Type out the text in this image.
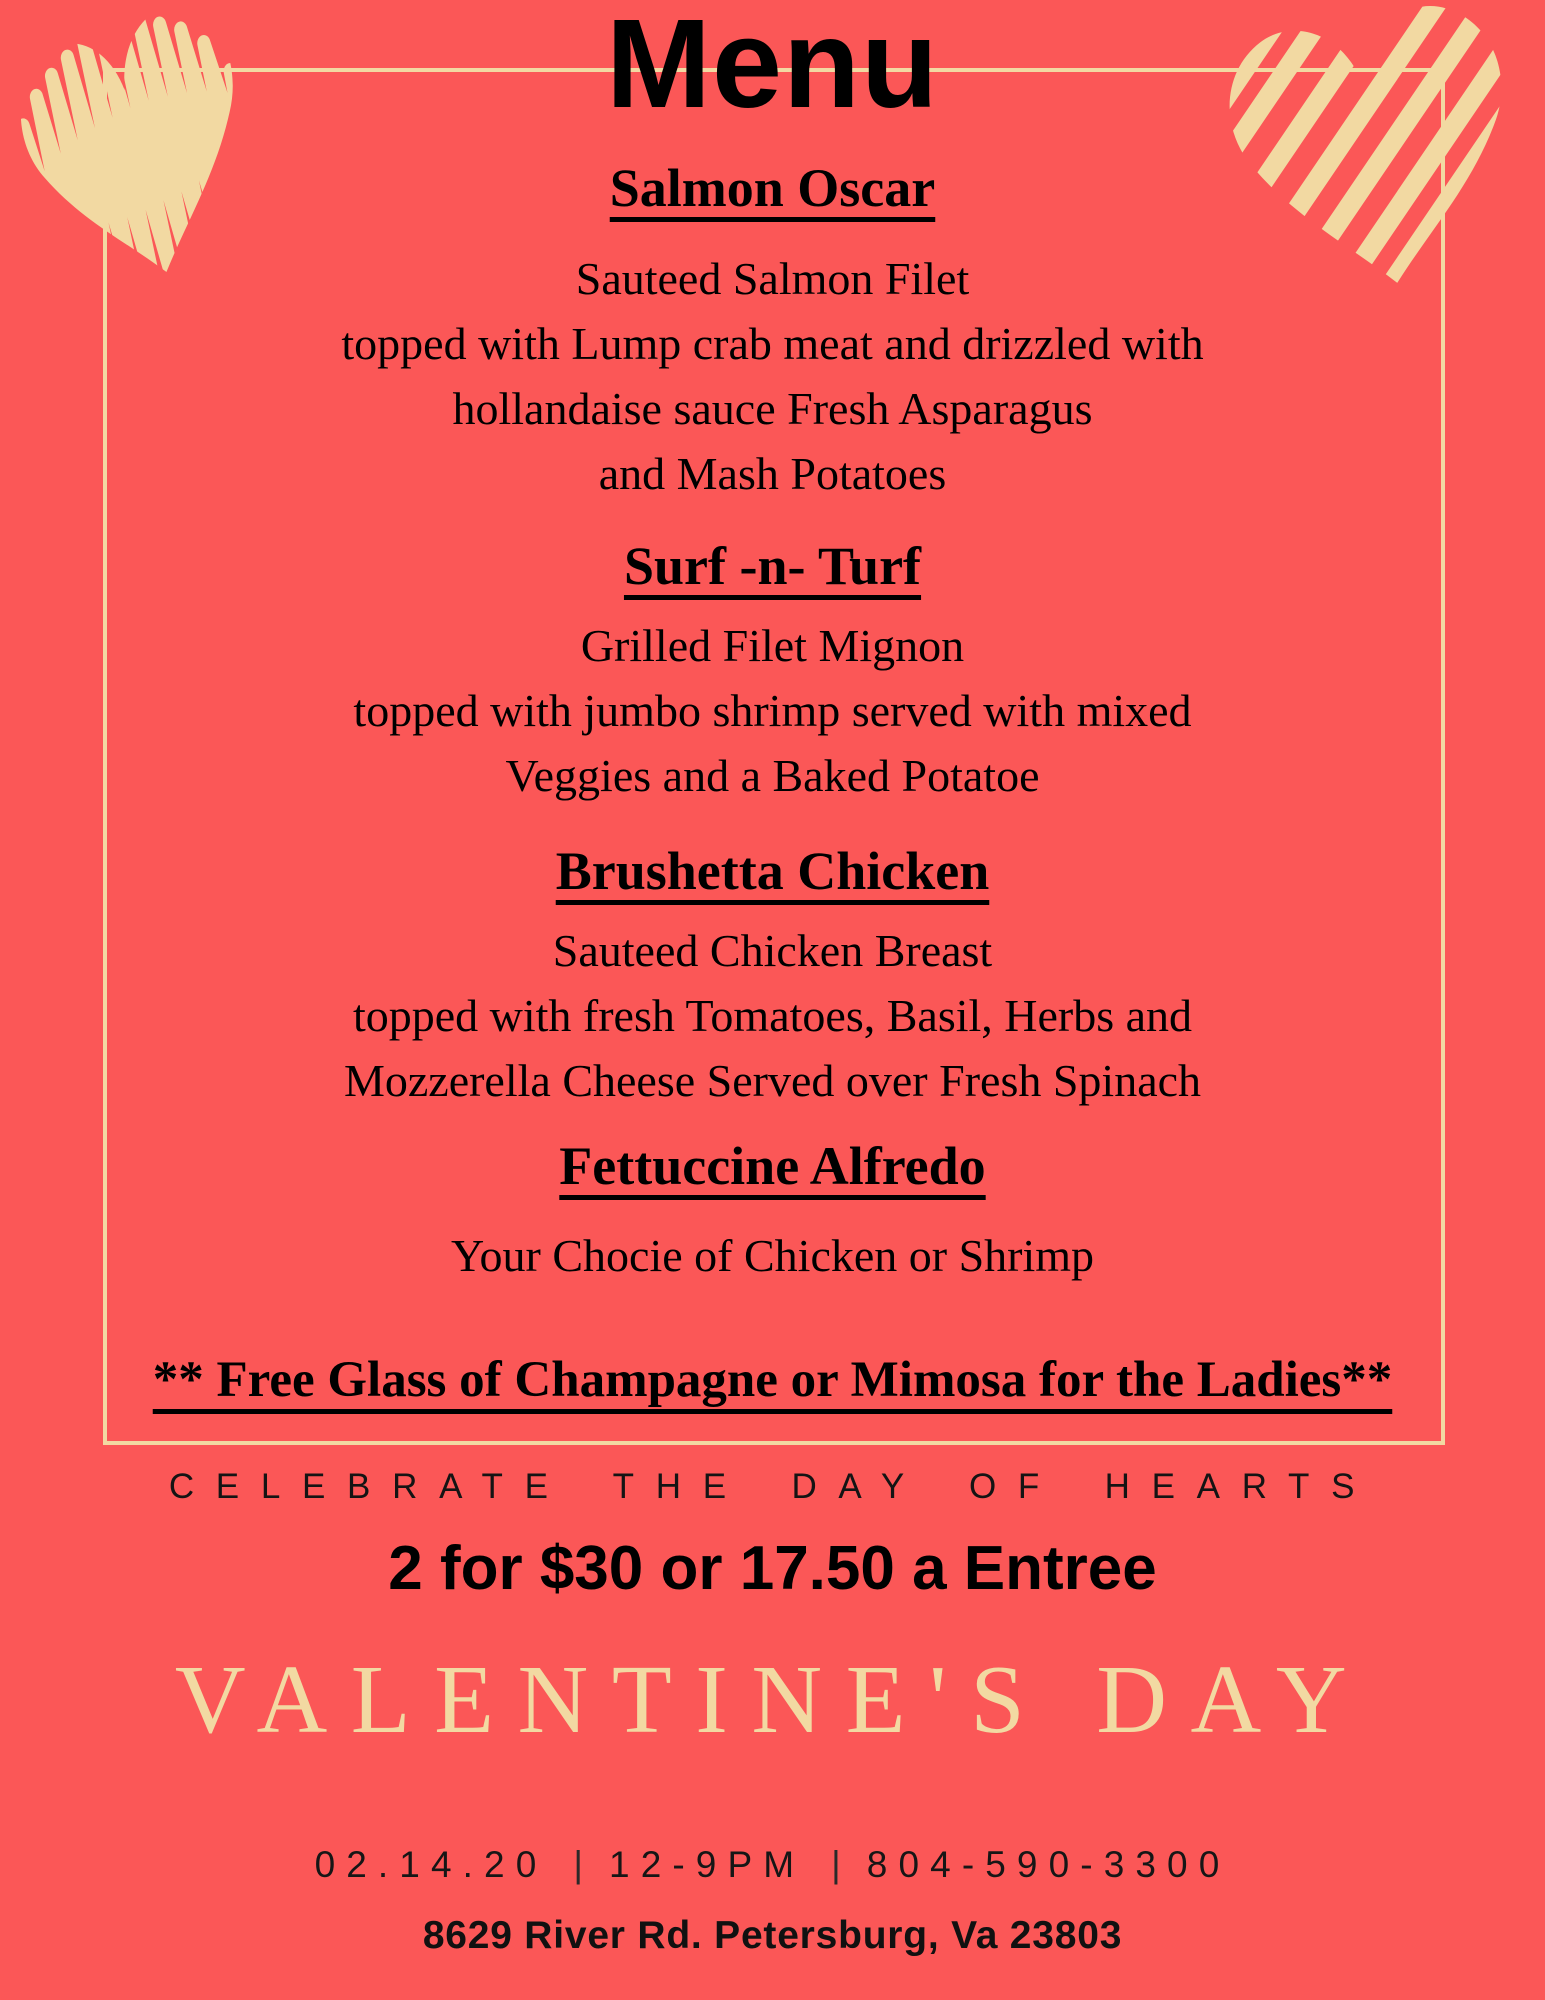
Menu
Salmon Oscar
Sauteed Salmon Filet
topped with Lump crab meat and drizzled with
hollandaise sauce Fresh Asparagus
and Mash Potatoes
Surf -n- Turf
Grilled Filet Mignon
topped with jumbo shrimp served with mixed
Veggies and a Baked Potatoe
Brushetta Chicken
Sauteed Chicken Breast
topped with fresh Tomatoes, Basil, Herbs and
Mozzerella Cheese Served over Fresh Spinach
Fettuccine Alfredo
Your Chocie of Chicken or Shrimp
** Free Glass of Champagne or Mimosa for the Ladies**
CELEBRATE THE DAY OF HEARTS
2 for $30 or 17.50 a Entree
VALENTINE'S DAY
02.14.20 | 12-9PM | 804-590-3300
8629 River Rd. Petersburg, Va 23803
